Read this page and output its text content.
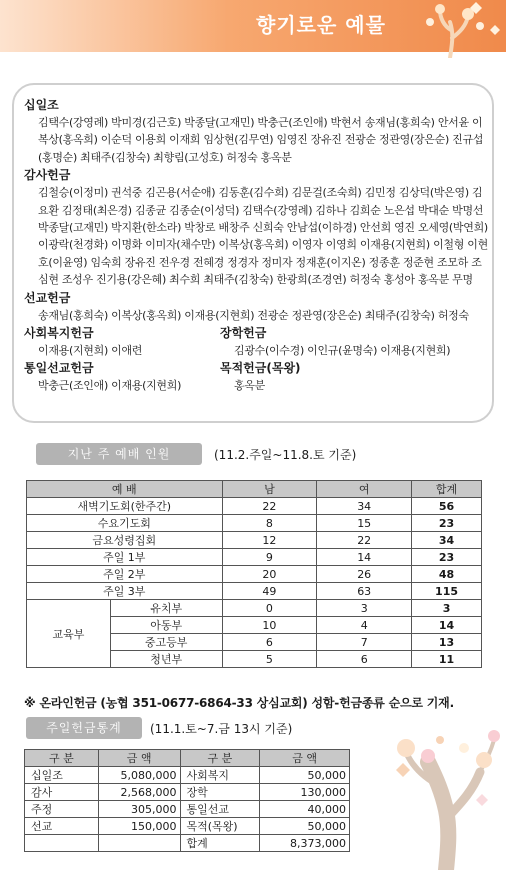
향기로운 예물
십일조
김택수(강영례) 박미경(김근호) 박종달(고재민) 박충근(조인애) 박현서 송재님(홍희숙) 안서윤 이복상(홍옥희) 이순덕 이용희 이재희 임상현(김무연) 임영진 장유진 전광순 정관영(장은순) 진규섭(홍명순) 최태주(김창숙) 최향림(고성호) 허정숙 홍옥분
감사헌금
김철승(이정미) 권석중 김곤용(서순애) 김동훈(김수희) 김문걸(조숙희) 김민정 김상덕(박은영) 김요환 김정태(최은경) 김종균 김종순(이성덕) 김택수(강영례) 김하나 김희순 노은섭 박대순 박명선 박종달(고재민) 박지환(한소라) 박창로 배창주 신희숙 안남섭(이하경) 안선희 영진 오세영(박연희) 이광락(천경화) 이명화 이미자(채수만) 이복상(홍옥희) 이영자 이영희 이재용(지현희) 이철형 이현호(이윤영) 임숙희 장유진 전우경 전혜경 정경자 정미자 정재훈(이지온) 정종훈 정준현 조모하 조심현 조성우 진기용(강은혜) 최수희 최태주(김창숙) 한광희(조경연) 허정숙 홍성아 홍옥분 무명
선교헌금
송재님(홍희숙) 이복상(홍옥희) 이재용(지현희) 전광순 정관영(장은순) 최태주(김창숙) 허정숙
사회복지헌금
이재용(지현희) 이애련
장학헌금
김광수(이수경) 이인규(윤명숙) 이재용(지현희)
통일선교헌금
박충근(조인애) 이재용(지현희)
목적헌금(목왕)
홍옥분
지난 주 예배 인원	(11.2.주일~11.8.토 기준)
예 배		남	여	합계
새벽기도회(한주간)		22	34	56
수요기도회		8	15	23
금요성령집회		12	22	34
주일 1부		9	14	23
주일 2부		20	26	48
주일 3부		49	63	115
교육부	유치부	0	3	3
	아동부	10	4	14
	중고등부	6	7	13
	청년부	5	6	11
※ 온라인헌금 (농협 351-0677-6864-33 상심교회) 성함-헌금종류 순으로 기재.
주일헌금통계	(11.1.토~7.금 13시 기준)
구 분	금 액	구 분	금 액
십일조	5,080,000	사회복지	50,000
감사	2,568,000	장학	130,000
주정	305,000	통일선교	40,000
선교	150,000	목적(목왕)	50,000
		합계	8,373,000
